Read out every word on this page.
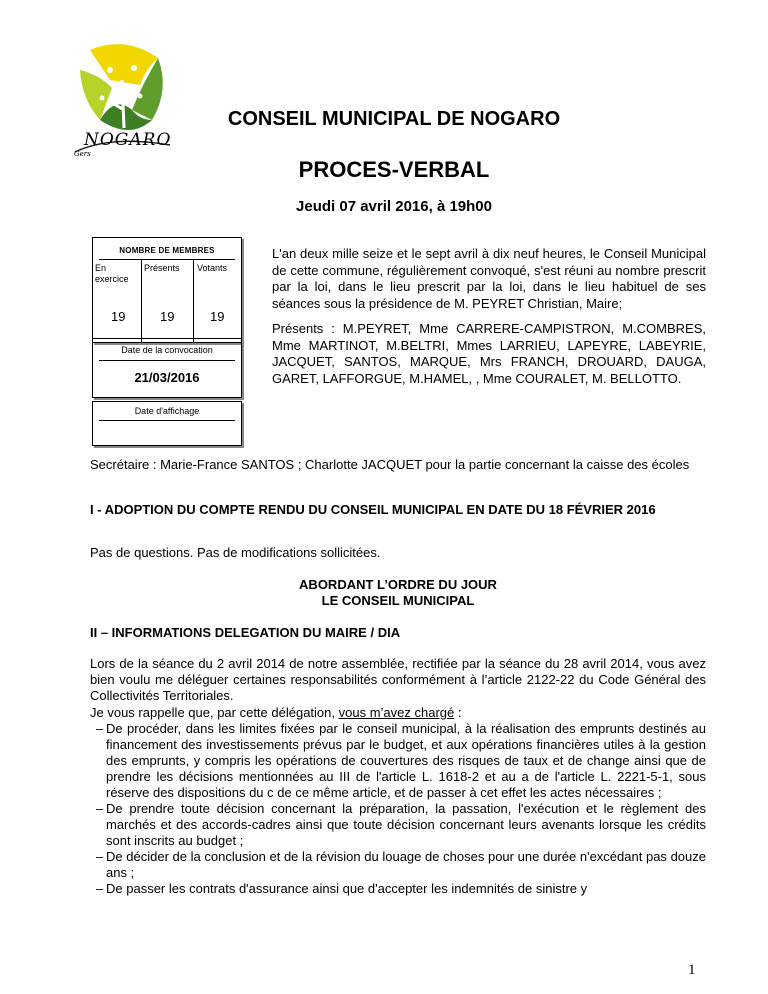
NOGARO
Gers
CONSEIL MUNICIPAL DE NOGARO
PROCES-VERBAL
Jeudi 07 avril 2016, à 19h00
NOMBRE DE MEMBRES
En exercice
Présents Votants
19	19	19
Date de la convocation
21/03/2016
Date d'affichage
L'an deux mille seize et le sept avril à dix neuf heures, le Conseil Municipal de cette commune, régulièrement convoqué, s'est réuni au nombre prescrit par la loi, dans le lieu prescrit par la loi, dans le lieu habituel de ses séances sous la présidence de M. PEYRET Christian, Maire;
Présents : M.PEYRET, Mme CARRERE-CAMPISTRON, M.COMBRES, Mme MARTINOT, M.BELTRI, Mmes LARRIEU, LAPEYRE, LABEYRIE, JACQUET, SANTOS, MARQUE, Mrs FRANCH, DROUARD, DAUGA, GARET, LAFFORGUE, M.HAMEL, , Mme COURALET, M. BELLOTTO.
Secrétaire : Marie-France SANTOS ; Charlotte JACQUET pour la partie concernant la caisse des écoles
I - ADOPTION DU COMPTE RENDU DU CONSEIL MUNICIPAL EN DATE DU 18 FÉVRIER 2016
Pas de questions. Pas de modifications sollicitées.
ABORDANT L’ORDRE DU JOUR
LE CONSEIL MUNICIPAL
II – INFORMATIONS DELEGATION DU MAIRE / DIA
Lors de la séance du 2 avril 2014 de notre assemblée, rectifiée par la séance du 28 avril 2014, vous avez bien voulu me déléguer certaines responsabilités conformément à l’article 2122-22 du Code Général des Collectivités Territoriales.
Je vous rappelle que, par cette délégation, vous m’avez chargé :
– De procéder, dans les limites fixées par le conseil municipal, à la réalisation des emprunts destinés au financement des investissements prévus par le budget, et aux opérations financières utiles à la gestion des emprunts, y compris les opérations de couvertures des risques de taux et de change ainsi que de prendre les décisions mentionnées au III de l'article L. 1618-2 et au a de l'article L. 2221-5-1, sous réserve des dispositions du c de ce même article, et de passer à cet effet les actes nécessaires ;
– De prendre toute décision concernant la préparation, la passation, l'exécution et le règlement des marchés et des accords-cadres ainsi que toute décision concernant leurs avenants lorsque les crédits sont inscrits au budget ;
– De décider de la conclusion et de la révision du louage de choses pour une durée n'excédant pas douze ans ;
– De passer les contrats d'assurance ainsi que d'accepter les indemnités de sinistre y
1
